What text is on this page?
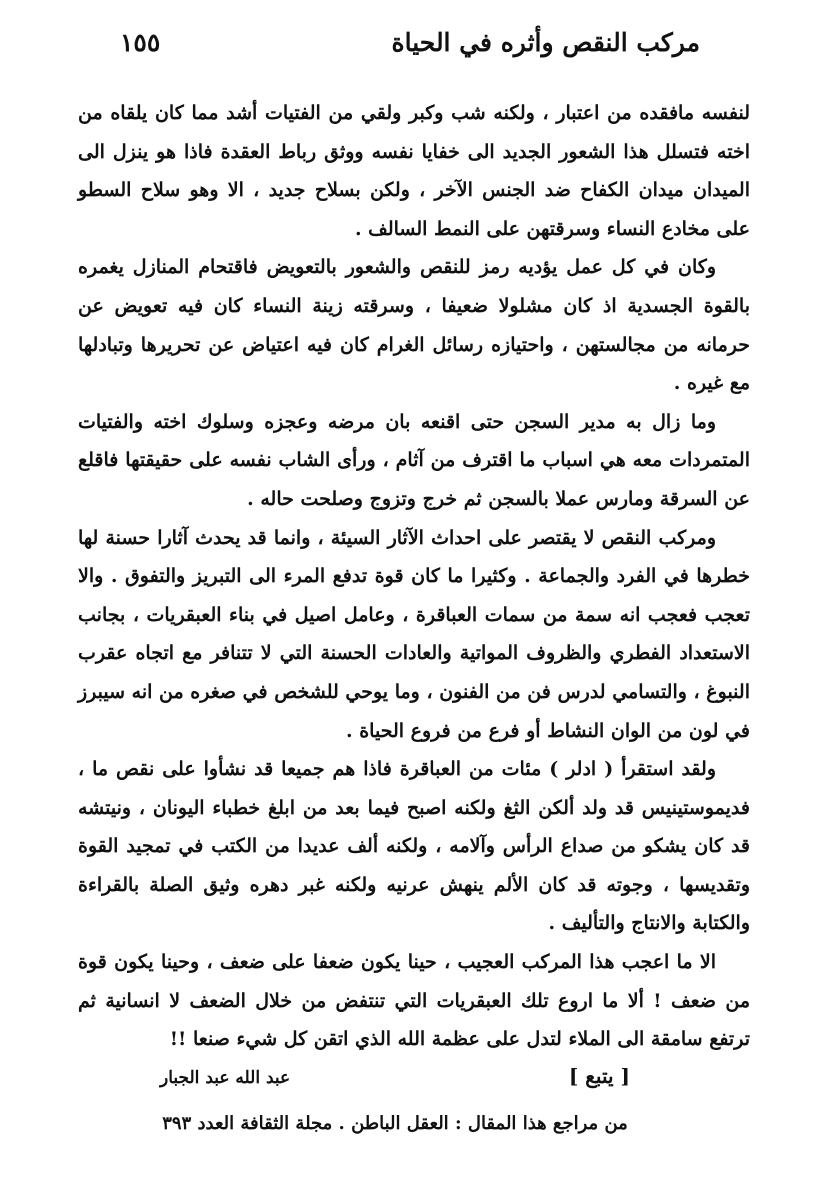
مركب النقص وأثره في الحياة
١٥٥

لنفسه مافقده من اعتبار ، ولكنه شب وكبر ولقي من الفتيات أشد مما كان يلقاه من اخته فتسلل هذا الشعور الجديد الى خفايا نفسه ووثق رباط العقدة فاذا هو ينزل الى الميدان ميدان الكفاح ضد الجنس الآخر ، ولكن بسلاح جديد ، الا وهو سلاح السطو على مخادع النساء وسرقتهن على النمط السالف .

وكان في كل عمل يؤديه رمز للنقص والشعور بالتعويض فاقتحام المنازل يغمره بالقوة الجسدية اذ كان مشلولا ضعيفا ، وسرقته زينة النساء كان فيه تعويض عن حرمانه من مجالستهن ، واحتيازه رسائل الغرام كان فيه اعتياض عن تحريرها وتبادلها مع غيره .

وما زال به مدير السجن حتى اقنعه بان مرضه وعجزه وسلوك اخته والفتيات المتمردات معه هي اسباب ما اقترف من آثام ، ورأى الشاب نفسه على حقيقتها فاقلع عن السرقة ومارس عملا بالسجن ثم خرج وتزوج وصلحت حاله .

ومركب النقص لا يقتصر على احداث الآثار السيئة ، وانما قد يحدث آثارا حسنة لها خطرها في الفرد والجماعة . وكثيرا ما كان قوة تدفع المرء الى التبريز والتفوق . والا تعجب فعجب انه سمة من سمات العباقرة ، وعامل اصيل في بناء العبقريات ، بجانب الاستعداد الفطري والظروف المواتية والعادات الحسنة التي لا تتنافر مع اتجاه عقرب النبوغ ، والتسامي لدرس فن من الفنون ، وما يوحي للشخص في صغره من انه سيبرز في لون من الوان النشاط أو فرع من فروع الحياة .

ولقد استقرأ ( ادلر ) مئات من العباقرة فاذا هم جميعا قد نشأوا على نقص ما ، فديموستينيس قد ولد ألكن الثغ ولكنه اصبح فيما بعد من ابلغ خطباء اليونان ، ونيتشه قد كان يشكو من صداع الرأس وآلامه ، ولكنه ألف عديدا من الكتب في تمجيد القوة وتقديسها ، وجوته قد كان الألم ينهش عرنيه ولكنه غبر دهره وثيق الصلة بالقراءة والكتابة والانتاج والتأليف .

الا ما اعجب هذا المركب العجيب ، حينا يكون ضعفا على ضعف ، وحينا يكون قوة من ضعف ! ألا ما اروع تلك العبقريات التي تنتفض من خلال الضعف لا انسانية ثم ترتفع سامقة الى الملاء لتدل على عظمة الله الذي اتقن كل شيء صنعا !!

[ يتبع ]
عبد الله عبد الجبار
من مراجع هذا المقال : العقل الباطن . مجلة الثقافة العدد ٣٩٣
